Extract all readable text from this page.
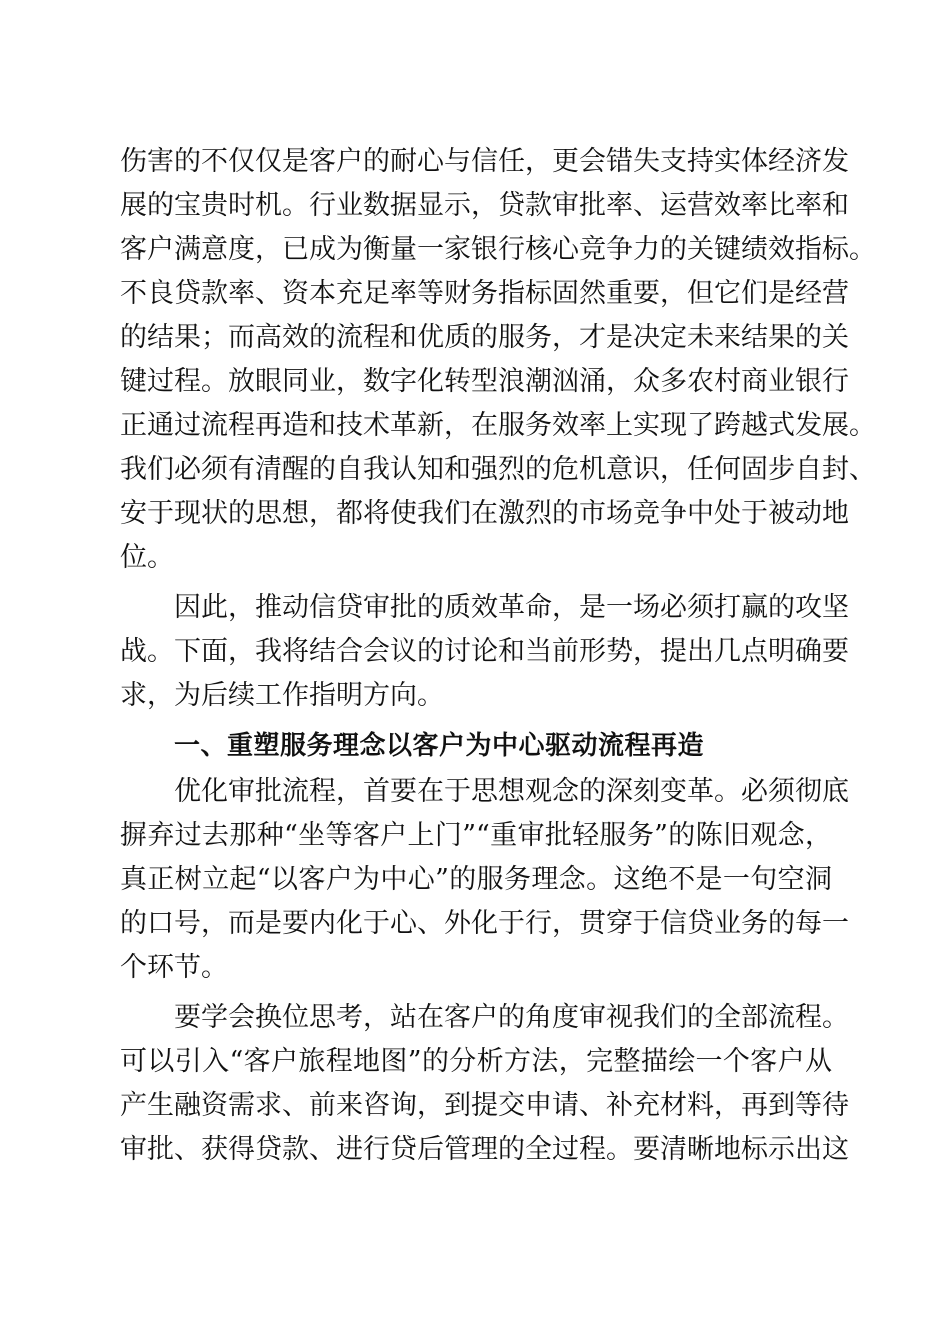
伤害的不仅仅是客户的耐心与信任，更会错失支持实体经济发
展的宝贵时机。行业数据显示，贷款审批率、运营效率比率和
客户满意度，已成为衡量一家银行核心竞争力的关键绩效指标。
不良贷款率、资本充足率等财务指标固然重要，但它们是经营
的结果；而高效的流程和优质的服务，才是决定未来结果的关
键过程。放眼同业，数字化转型浪潮汹涌，众多农村商业银行
正通过流程再造和技术革新，在服务效率上实现了跨越式发展。
我们必须有清醒的自我认知和强烈的危机意识，任何固步自封、
安于现状的思想，都将使我们在激烈的市场竞争中处于被动地
位。
因此，推动信贷审批的质效革命，是一场必须打赢的攻坚
战。下面，我将结合会议的讨论和当前形势，提出几点明确要
求，为后续工作指明方向。
一、重塑服务理念以客户为中心驱动流程再造
优化审批流程，首要在于思想观念的深刻变革。必须彻底
摒弃过去那种“坐等客户上门”“重审批轻服务”的陈旧观念，
真正树立起“以客户为中心”的服务理念。这绝不是一句空洞
的口号，而是要内化于心、外化于行，贯穿于信贷业务的每一
个环节。
要学会换位思考，站在客户的角度审视我们的全部流程。
可以引入“客户旅程地图”的分析方法，完整描绘一个客户从
产生融资需求、前来咨询，到提交申请、补充材料，再到等待
审批、获得贷款、进行贷后管理的全过程。要清晰地标示出这
